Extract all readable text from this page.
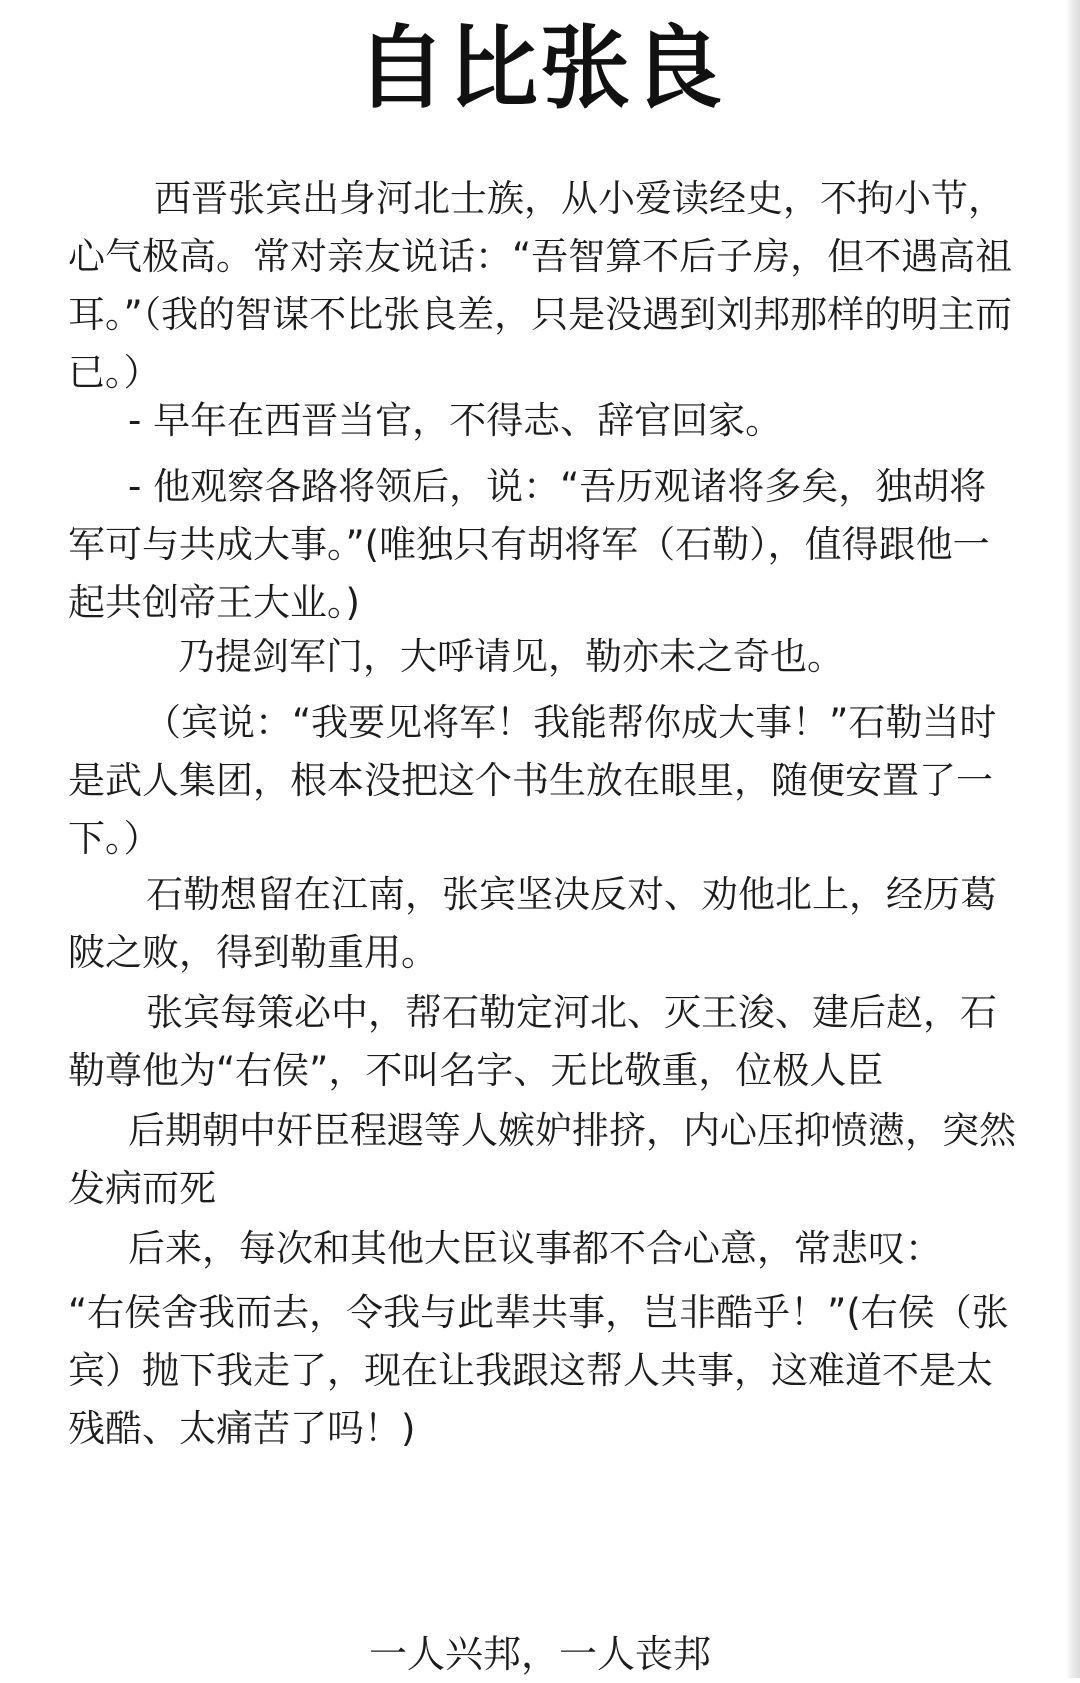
自比张良

西晋张宾出身河北士族，从小爱读经史，不拘小节，心气极高。常对亲友说话：“吾智算不后子房，但不遇高祖耳。”（我的智谋不比张良差，只是没遇到刘邦那样的明主而已。）

- 早年在西晋当官，不得志、辞官回家。

- 他观察各路将领后，说：“吾历观诸将多矣，独胡将军可与共成大事。”(唯独只有胡将军（石勒），值得跟他一起共创帝王大业。)

乃提剑军门，大呼请见，勒亦未之奇也。

（宾说：“我要见将军！我能帮你成大事！”石勒当时是武人集团，根本没把这个书生放在眼里，随便安置了一下。）

石勒想留在江南，张宾坚决反对、劝他北上，经历葛陂之败，得到勒重用。

张宾每策必中，帮石勒定河北、灭王浚、建后赵，石勒尊他为“右侯”，不叫名字、无比敬重，位极人臣

后期朝中奸臣程遐等人嫉妒排挤，内心压抑愤懑，突然发病而死

后来，每次和其他大臣议事都不合心意，常悲叹：

“右侯舍我而去，令我与此辈共事，岂非酷乎！”(右侯（张宾）抛下我走了，现在让我跟这帮人共事，这难道不是太残酷、太痛苦了吗！)

一人兴邦，一人丧邦
